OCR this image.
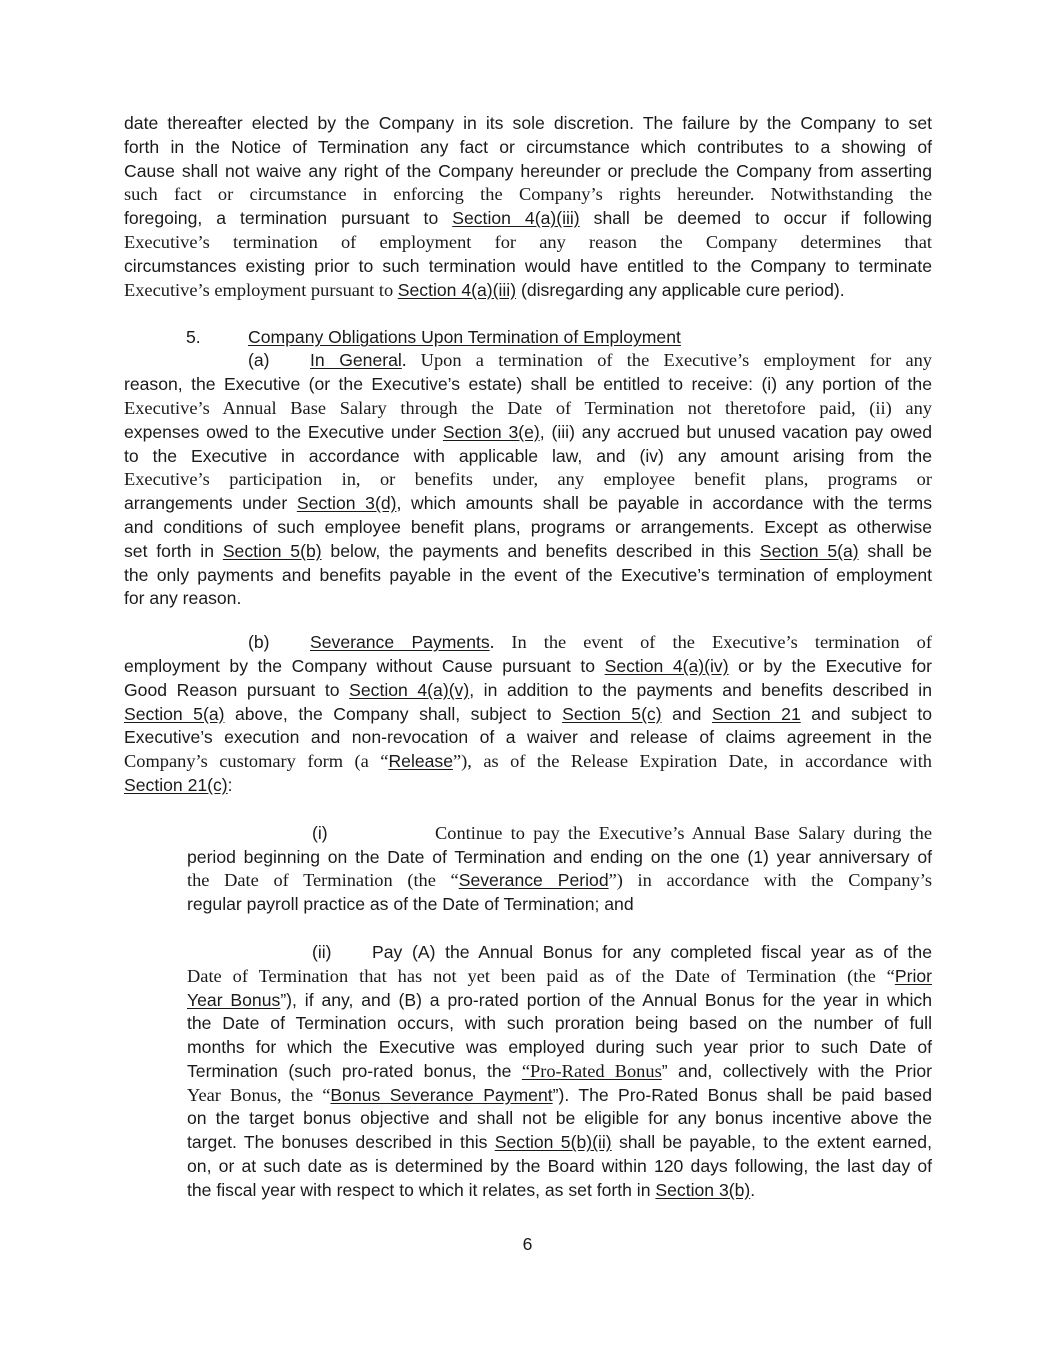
date thereafter elected by the Company in its sole discretion. The failure by the Company to set
forth in the Notice of Termination any fact or circumstance which contributes to a showing of
Cause shall not waive any right of the Company hereunder or preclude the Company from asserting
such fact or circumstance in enforcing the Company’s rights hereunder. Notwithstanding the
foregoing, a termination pursuant to Section 4(a)(iii) shall be deemed to occur if following
Executive’s termination of employment for any reason the Company determines that
circumstances existing prior to such termination would have entitled to the Company to terminate
Executive’s employment pursuant to Section 4(a)(iii) (disregarding any applicable cure period).
5.	Company Obligations Upon Termination of Employment
(a) In General. Upon a termination of the Executive’s employment for any
reason, the Executive (or the Executive’s estate) shall be entitled to receive: (i) any portion of the
Executive’s Annual Base Salary through the Date of Termination not theretofore paid, (ii) any
expenses owed to the Executive under Section 3(e), (iii) any accrued but unused vacation pay owed
to the Executive in accordance with applicable law, and (iv) any amount arising from the
Executive’s participation in, or benefits under, any employee benefit plans, programs or
arrangements under Section 3(d), which amounts shall be payable in accordance with the terms
and conditions of such employee benefit plans, programs or arrangements. Except as otherwise
set forth in Section 5(b) below, the payments and benefits described in this Section 5(a) shall be
the only payments and benefits payable in the event of the Executive’s termination of employment
for any reason.
(b) Severance Payments. In the event of the Executive’s termination of
employment by the Company without Cause pursuant to Section 4(a)(iv) or by the Executive for
Good Reason pursuant to Section 4(a)(v), in addition to the payments and benefits described in
Section 5(a) above, the Company shall, subject to Section 5(c) and Section 21 and subject to
Executive’s execution and non-revocation of a waiver and release of claims agreement in the
Company’s customary form (a “Release”), as of the Release Expiration Date, in accordance with
Section 21(c):
(i)	Continue to pay the Executive’s Annual Base Salary during the
period beginning on the Date of Termination and ending on the one (1) year anniversary of
the Date of Termination (the “Severance Period”) in accordance with the Company’s
regular payroll practice as of the Date of Termination; and
(ii) Pay (A) the Annual Bonus for any completed fiscal year as of the
Date of Termination that has not yet been paid as of the Date of Termination (the “Prior
Year Bonus”), if any, and (B) a pro-rated portion of the Annual Bonus for the year in which
the Date of Termination occurs, with such proration being based on the number of full
months for which the Executive was employed during such year prior to such Date of
Termination (such pro-rated bonus, the “Pro-Rated Bonus” and, collectively with the Prior
Year Bonus, the “Bonus Severance Payment”). The Pro-Rated Bonus shall be paid based
on the target bonus objective and shall not be eligible for any bonus incentive above the
target. The bonuses described in this Section 5(b)(ii) shall be payable, to the extent earned,
on, or at such date as is determined by the Board within 120 days following, the last day of
the fiscal year with respect to which it relates, as set forth in Section 3(b).
6
